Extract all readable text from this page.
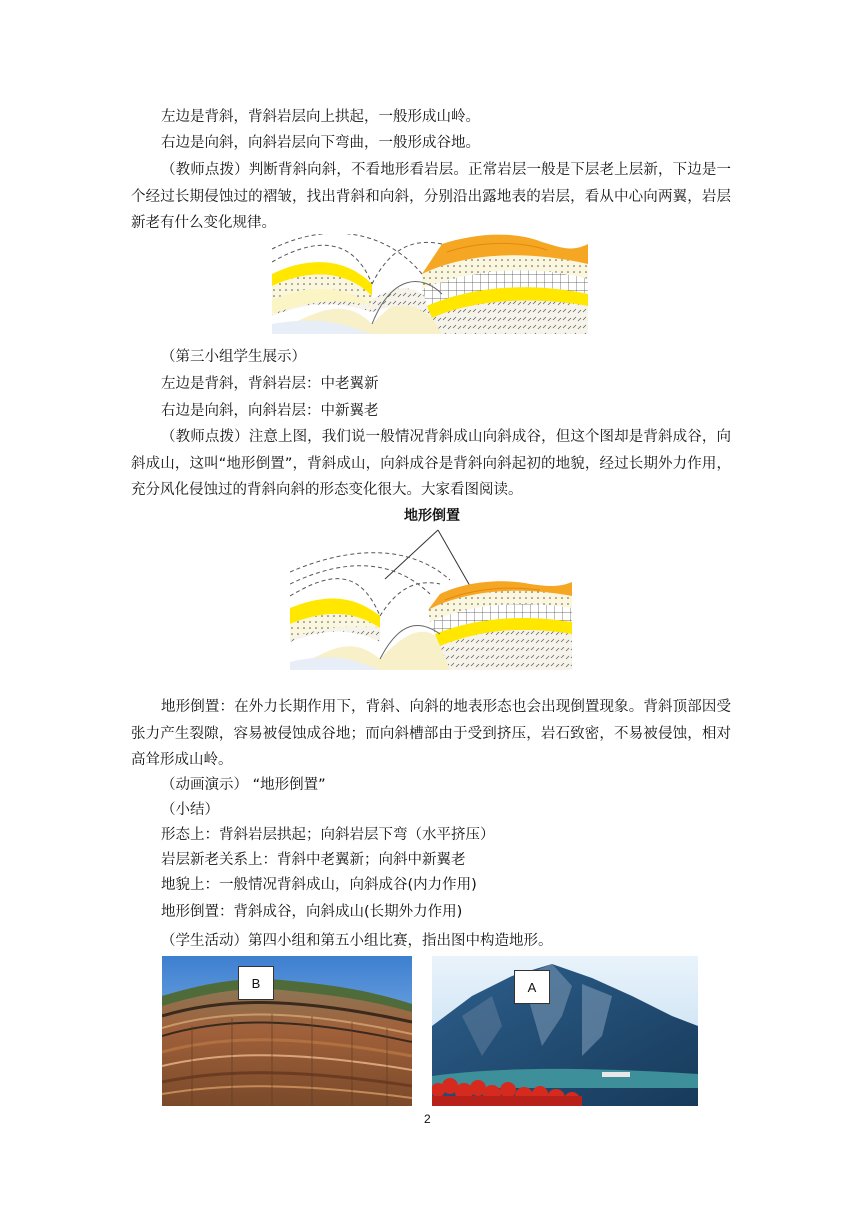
左边是背斜，背斜岩层向上拱起，一般形成山岭。
右边是向斜，向斜岩层向下弯曲，一般形成谷地。
（教师点拨）判断背斜向斜，不看地形看岩层。正常岩层一般是下层老上层新，下边是一个经过长期侵蚀过的褶皱，找出背斜和向斜，分别沿出露地表的岩层，看从中心向两翼，岩层新老有什么变化规律。
（第三小组学生展示）
左边是背斜，背斜岩层：中老翼新
右边是向斜，向斜岩层：中新翼老
（教师点拨）注意上图，我们说一般情况背斜成山向斜成谷，但这个图却是背斜成谷，向斜成山，这叫“地形倒置”，背斜成山，向斜成谷是背斜向斜起初的地貌，经过长期外力作用，充分风化侵蚀过的背斜向斜的形态变化很大。大家看图阅读。
地形倒置
地形倒置：在外力长期作用下，背斜、向斜的地表形态也会出现倒置现象。背斜顶部因受张力产生裂隙，容易被侵蚀成谷地；而向斜槽部由于受到挤压，岩石致密，不易被侵蚀，相对高耸形成山岭。
（动画演示） “地形倒置”
（小结）
形态上：背斜岩层拱起；向斜岩层下弯（水平挤压）
岩层新老关系上：背斜中老翼新；向斜中新翼老
地貌上：一般情况背斜成山，向斜成谷(内力作用)
地形倒置：背斜成谷，向斜成山(长期外力作用)
（学生活动）第四小组和第五小组比赛，指出图中构造地形。
B	A
2
